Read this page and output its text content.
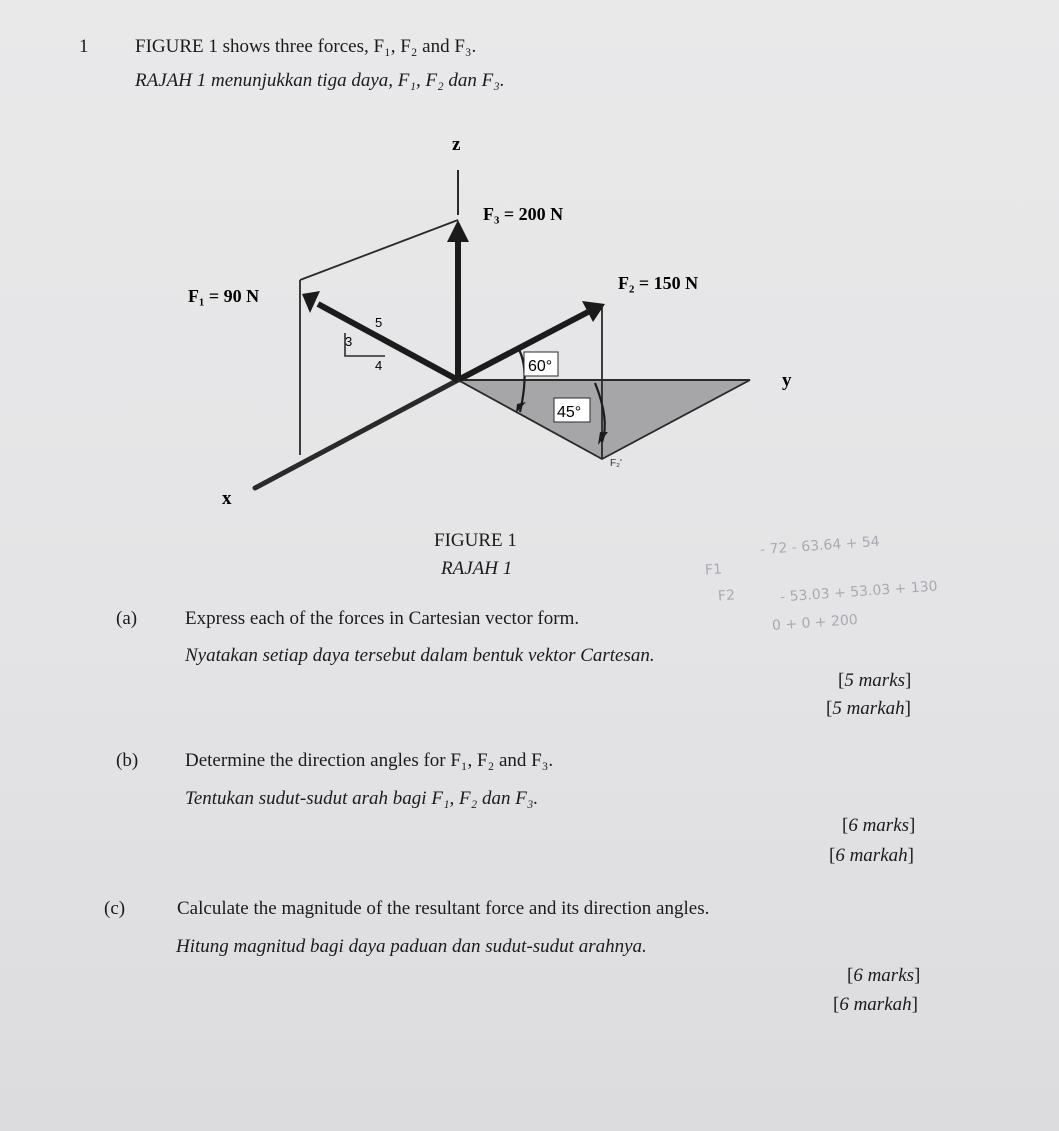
1 FIGURE 1 shows three forces, F₁, F₂ and F₃.
RAJAH 1 menunjukkan tiga daya, F₁, F₂ dan F₃.
z
y
x
F₃ = 200 N
F₂ = 150 N
F₁ = 90 N
5
3
4	60°
45°
F₂'
FIGURE 1
RAJAH 1	F1
- 72 - 63.64 + 54
F2	- 53.03 + 53.03 + 130
0 + 0 + 200
(a)	Express each of the forces in Cartesian vector form.
Nyatakan setiap daya tersebut dalam bentuk vektor Cartesan.
[5 marks]
[5 markah]
(b) Determine the direction angles for F₁, F₂ and F₃.
Tentukan sudut-sudut arah bagi F₁, F₂ dan F₃.
[6 marks]
[6 markah]
(c)	Calculate the magnitude of the resultant force and its direction angles.
Hitung magnitud bagi daya paduan dan sudut-sudut arahnya.
[6 marks]
[6 markah]
